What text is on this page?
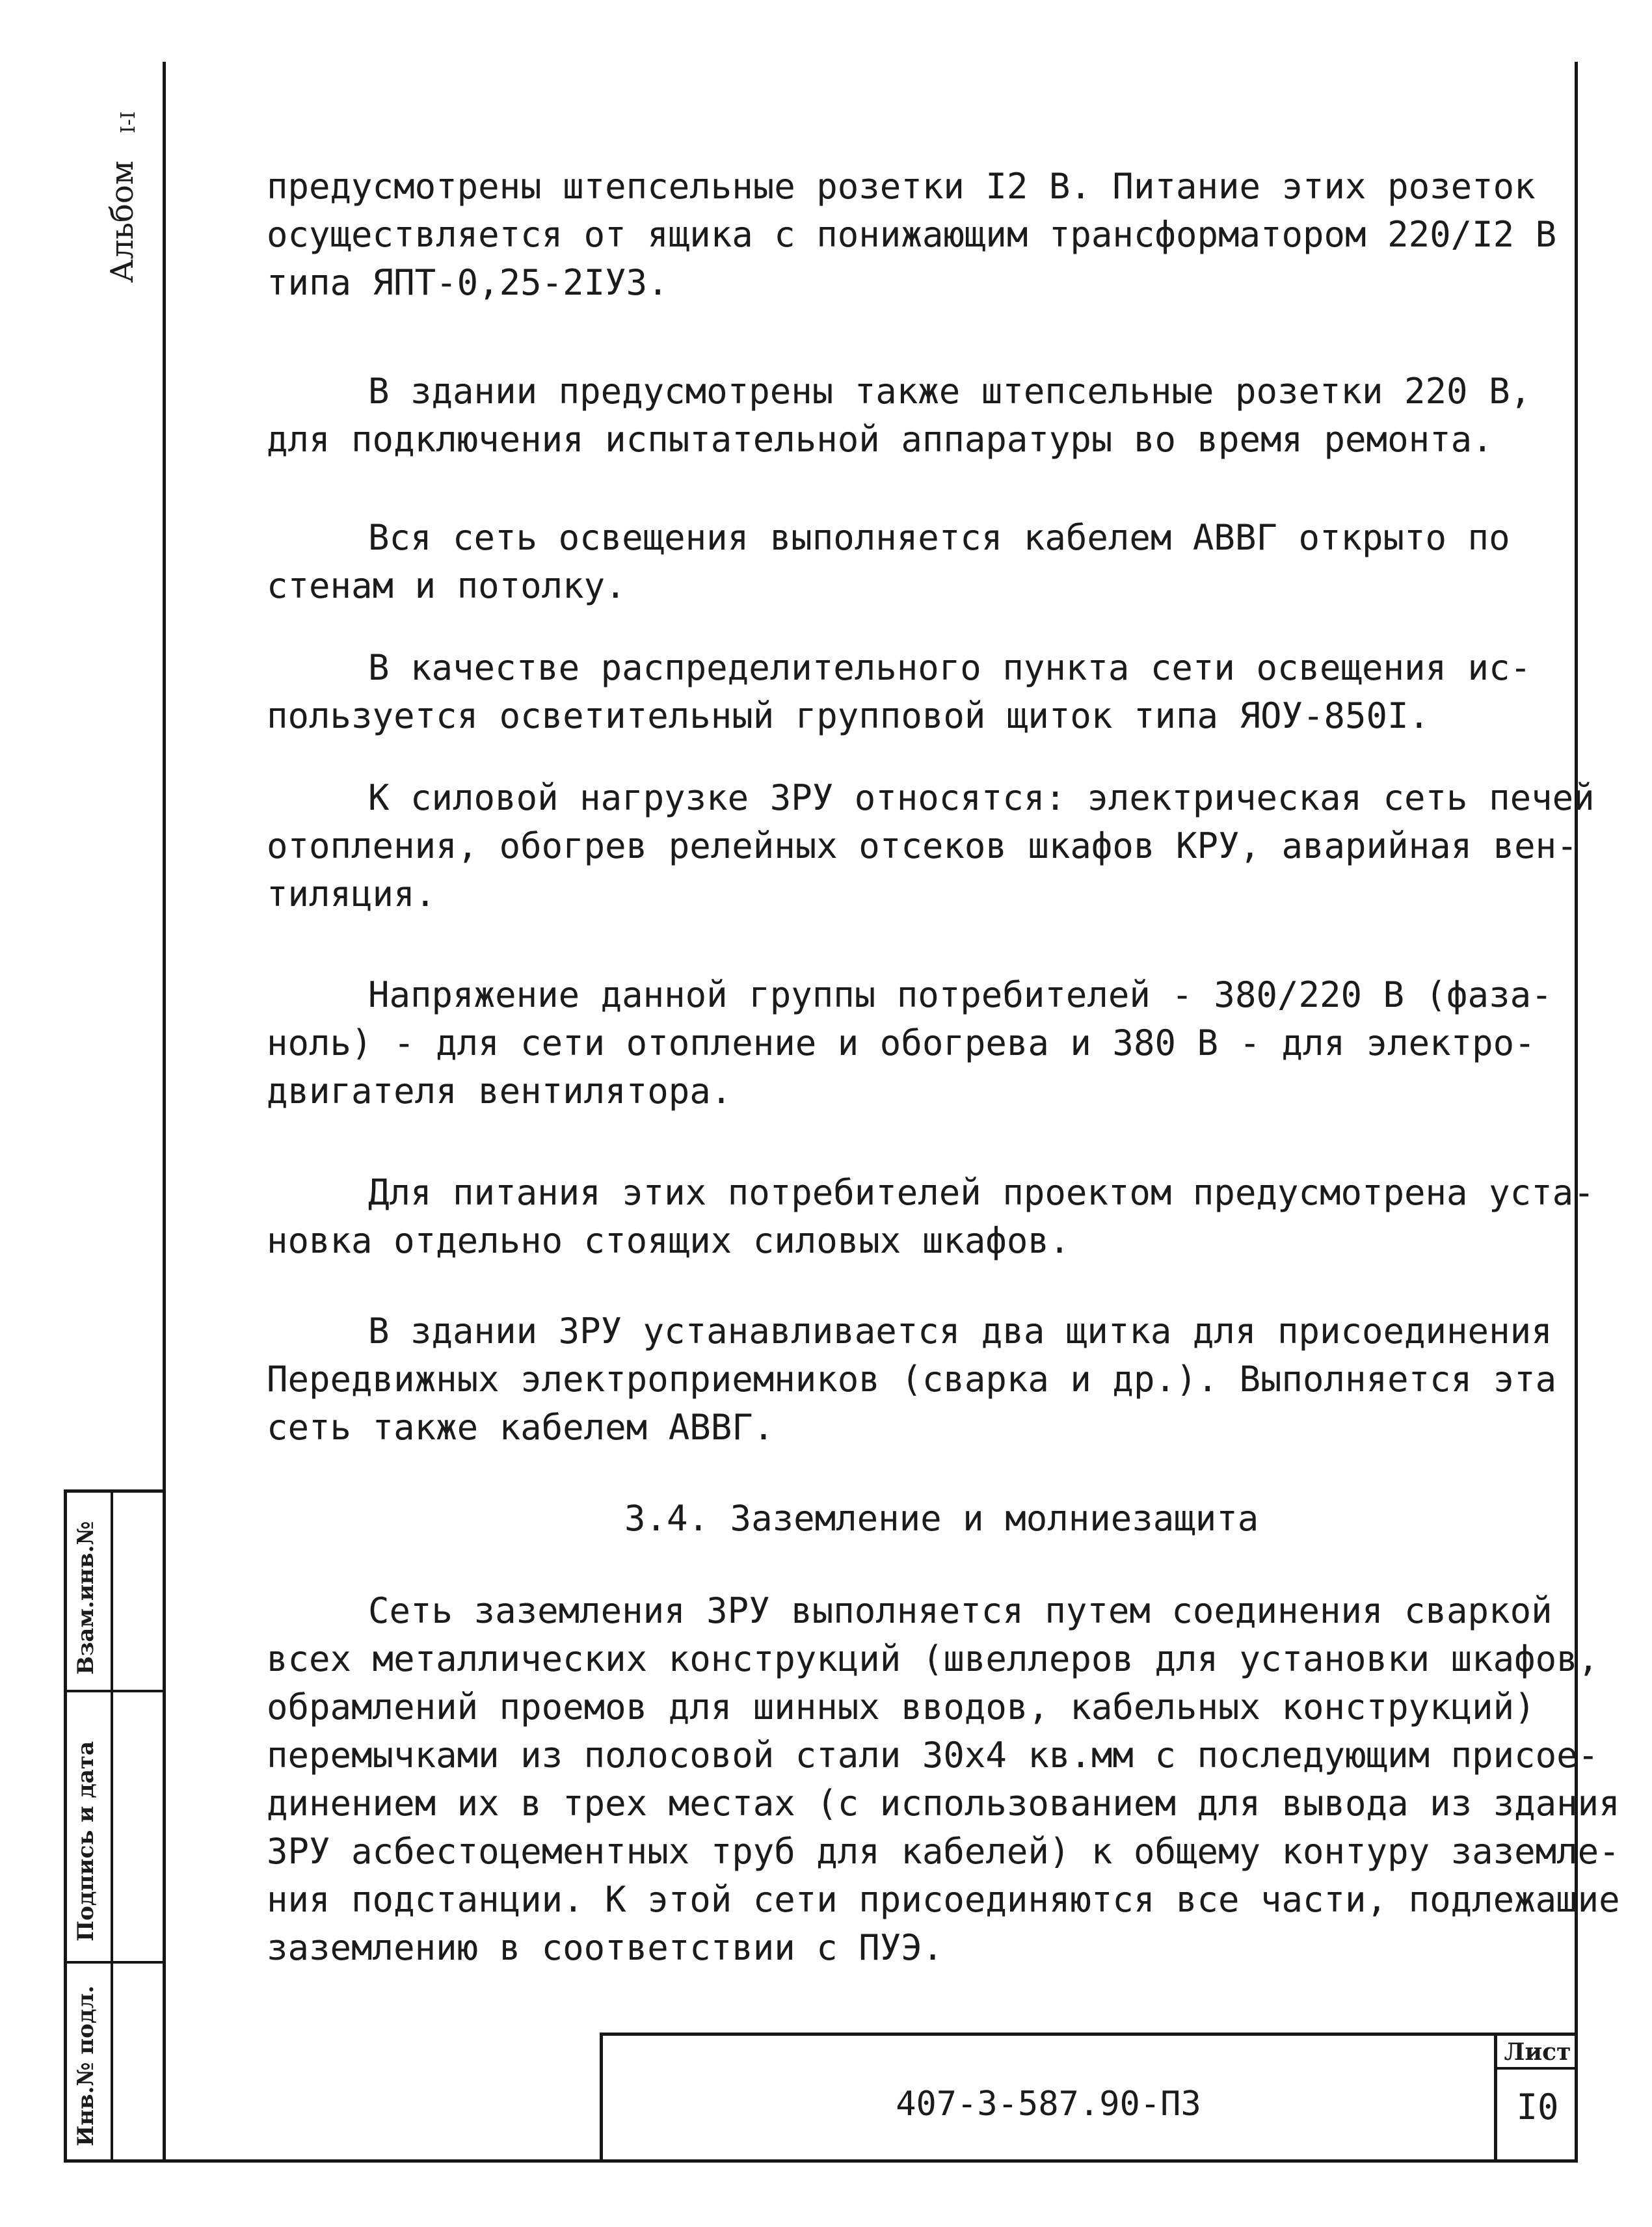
Альбом
I-I
Взам.инв.№
Подпись и дата
Инв.№ подл.
предусмотрены штепсельные розетки I2 В. Питание этих розеток
осуществляется от ящика с понижающим трансформатором 220/I2 В
типа ЯПТ-0,25-2IУ3.
В здании предусмотрены также штепсельные розетки 220 В,
для подключения испытательной аппаратуры во время ремонта.
Вся сеть освещения выполняется кабелем АВВГ открыто по
стенам и потолку.
В качестве распределительного пункта сети освещения ис-
пользуется осветительный групповой щиток типа ЯОУ-850I.
К силовой нагрузке ЗРУ относятся: электрическая сеть печей
отопления, обогрев релейных отсеков шкафов КРУ, аварийная вен-
тиляция.
Напряжение данной группы потребителей - 380/220 В (фаза-
ноль) - для сети отопление и обогрева и 380 В - для электро-
двигателя вентилятора.
Для питания этих потребителей проектом предусмотрена уста-
новка отдельно стоящих силовых шкафов.
В здании ЗРУ устанавливается два щитка для присоединения
Передвижных электроприемников (сварка и др.). Выполняется эта
сеть также кабелем АВВГ.
3.4. Заземление и молниезащита
Сеть заземления ЗРУ выполняется путем соединения сваркой
всех металлических конструкций (швеллеров для установки шкафов,
обрамлений проемов для шинных вводов, кабельных конструкций)
перемычками из полосовой стали 30х4 кв.мм с последующим присое-
динением их в трех местах (с использованием для вывода из здания
ЗРУ асбестоцементных труб для кабелей) к общему контуру заземле-
ния подстанции. К этой сети присоединяются все части, подлежащие
заземлению в соответствии с ПУЭ.
407-3-587.90-ПЗ
Лист
I0
